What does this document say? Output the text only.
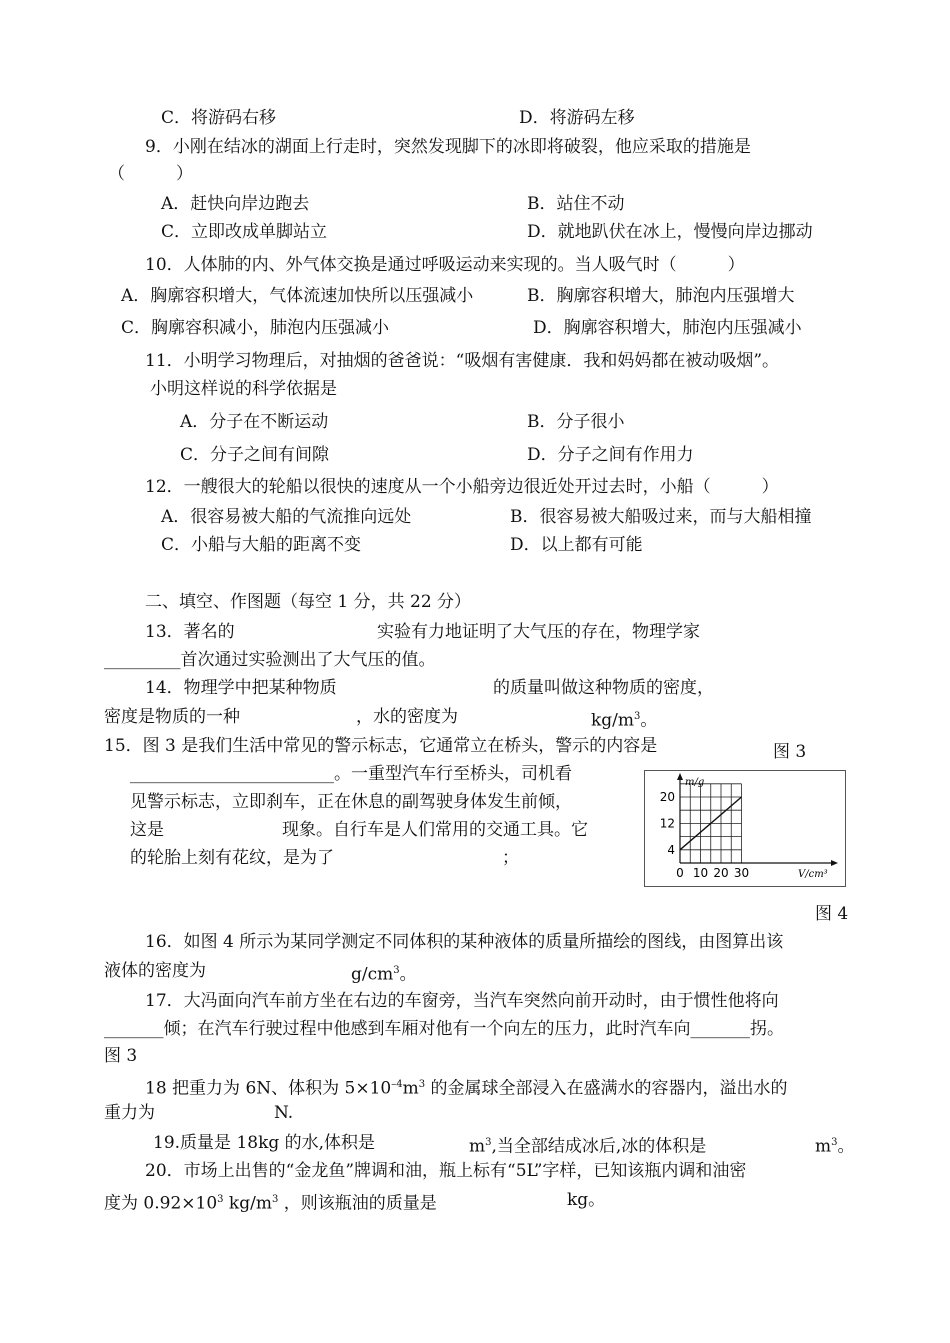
C．将游码右移	D．将游码左移
9．小刚在结冰的湖面上行走时，突然发现脚下的冰即将破裂，他应采取的措施是
（　　　）
A．赶快向岸边跑去	B．站住不动
C．立即改成单脚站立	D．就地趴伏在冰上，慢慢向岸边挪动
10．人体肺的内、外气体交换是通过呼吸运动来实现的。当人吸气时（　　　）
A．胸廓容积增大，气体流速加快所以压强减小	B．胸廓容积增大，肺泡内压强增大
C．胸廓容积减小，肺泡内压强减小	D．胸廓容积增大，肺泡内压强减小
11．小明学习物理后，对抽烟的爸爸说：“吸烟有害健康．我和妈妈都在被动吸烟”。
小明这样说的科学依据是
A．分子在不断运动	B．分子很小
C．分子之间有间隙	D．分子之间有作用力
12．一艘很大的轮船以很快的速度从一个小船旁边很近处开过去时，小船（　　　）
A．很容易被大船的气流推向远处	B．很容易被大船吸过来，而与大船相撞
C．小船与大船的距离不变	D．以上都有可能
二、填空、作图题（每空 1 分，共 22 分）
13．著名的	实验有力地证明了大气压的存在，物理学家
_________首次通过实验测出了大气压的值。
14．物理学中把某种物质	的质量叫做这种物质的密度，
密度是物质的一种	，水的密度为	$kg/m^3$。
15．图 3 是我们生活中常见的警示标志，它通常立在桥头，警示的内容是	图 3
________________________。一重型汽车行至桥头，司机看
见警示标志，立即刹车，正在休息的副驾驶身体发生前倾，
这是	现象。自行车是人们常用的交通工具。它
的轮胎上刻有花纹，是为了	；
0 10 20 30
4
12
20
m/g
V/cm³
图 4
16．如图 4 所示为某同学测定不同体积的某种液体的质量所描绘的图线，由图算出该
液体的密度为	$g/cm^3$。
17．大冯面向汽车前方坐在右边的车窗旁，当汽车突然向前开动时，由于惯性他将向
_______倾；在汽车行驶过程中他感到车厢对他有一个向左的压力，此时汽车向_______拐。
图 3
18 把重力为 6N、体积为 $5\times 10^{-4}m^3$ 的金属球全部浸入在盛满水的容器内，溢出水的
重力为	N.
19.质量是 18kg 的水,体积是	$m^3$,当全部结成冰后,冰的体积是	$m^3$。
20．市场上出售的“金龙鱼”牌调和油，瓶上标有“5L”字样，已知该瓶内调和油密
度为 $0.92\times 10^3$ $kg/m^3$ ，则该瓶油的质量是	kg。
